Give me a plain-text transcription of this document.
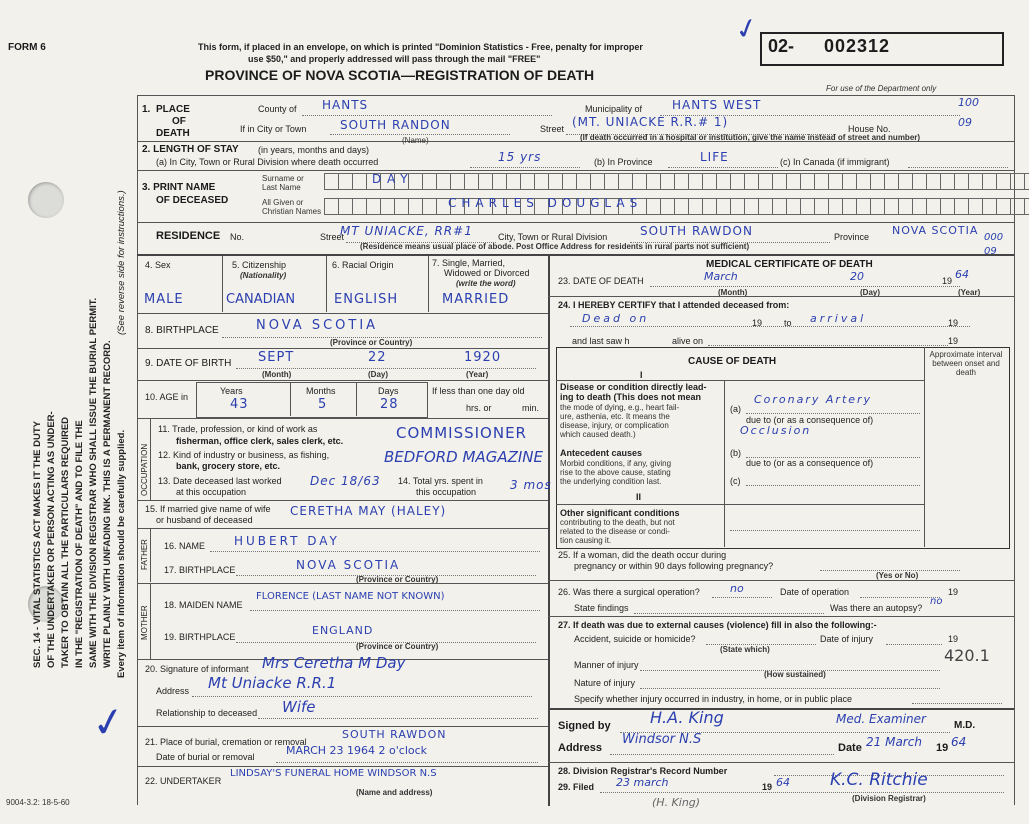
FORM 6
SEC. 14 - VITAL STATISTICS ACT MAKES IT THE DUTY OF THE UNDERTAKER OR PERSON ACTING AS UNDER- TAKER TO OBTAIN ALL THE PARTICULARS REQUIRED IN THE "REGISTRATION OF DEATH" AND TO FILE THE SAME WITH THE DIVISION REGISTRAR WHO SHALL ISSUE THE BURIAL PERMIT. WRITE PLAINLY WITH UNFADING INK. THIS IS A PERMANENT RECORD. Every item of information should be carefully supplied.
(See reverse side for instructions.)
✓
✓
This form, if placed in an envelope, on which is printed "Dominion Statistics - Free, penalty for improper
use $50," and properly addressed will pass through the mail "FREE"
PROVINCE OF NOVA SCOTIA—REGISTRATION OF DEATH
02- 002312
For use of the Department only
1. PLACE
OF
DEATH
County of HANTS	Municipality of HANTS WEST	100
If in City or Town	SOUTH RANDON
(Name)
Street (MT. UNIACKE R.R.# 1)	House No.	09
(If death occurred in a hospital or institution, give the name instead of street and number)
2. LENGTH OF STAY (in years, months and days)
(a) In City, Town or Rural Division where death occurred	15 yrs	(b) In Province	LIFE	(c) In Canada (if immigrant)
3. PRINT NAME
OF DECEASED
Surname or
Last Name
DAY
All Given or
Christian Names
CHARLES DOUGLAS
RESIDENCE No.	Street
MT UNIACKE, RR#1	City, Town or Rural Division	SOUTH RAWDON	Province NOVA SCOTIA
(Residence means usual place of abode. Post Office Address for residents in rural parts not sufficient)
000
09
4. Sex
MALE
5. Citizenship
(Nationality)
CANADIAN
6. Racial Origin
ENGLISH
7. Single, Married,
Widowed or Divorced
(write the word)
MARRIED
8. BIRTHPLACE	NOVA SCOTIA
(Province or Country)
9. DATE OF BIRTH SEPT	22	1920
(Month)	(Day)	(Year)
10. AGE in
Years	Months	Days
43	5	28
If less than one day old
hrs. or	min.
OCCUPATION
11. Trade, profession, or kind of work as
fisherman, office clerk, sales clerk, etc.	COMMISSIONER
12. Kind of industry or business, as fishing,
bank, grocery store, etc.	BEDFORD MAGAZINE
13. Date deceased last worked
at this occupation
Dec 18/63 14. Total yrs. spent in
this occupation	3 mos
15. If married give name of wife
or husband of deceased
CERETHA MAY (HALEY)
FATHER 16. NAME HUBERT DAY
17. BIRTHPLACE	NOVA SCOTIA
(Province or Country)
MOTHER
18. MAIDEN NAME
FLORENCE (LAST NAME NOT KNOWN)
19. BIRTHPLACE	ENGLAND
(Province or Country)
20. Signature of informant Mrs Ceretha M Day
Address Mt Uniacke R.R.1
Relationship to deceased Wife
21. Place of burial, cremation or removal
SOUTH RAWDON
Date of burial or removal	MARCH 23 1964 2 o'clock
22. UNDERTAKER
LINDSAY'S FUNERAL HOME WINDSOR N.S
(Name and address)
9004-3.2: 18-5-60
MEDICAL CERTIFICATE OF DEATH
23. DATE OF DEATH	March	20	19 64
(Month)	(Day)	(Year)
24. I HEREBY CERTIFY that I attended deceased from:
Dead on	19 to arrival	19
and last saw h	alive on	19
CAUSE OF DEATH
Approximate interval between onset and death
I
Disease or condition directly lead-
ing to death (This does not mean
the mode of dying, e.g., heart fail-
ure, asthenia, etc. It means the
disease, injury, or complication
which caused death.)
(a)
Coronary Artery
due to (or as a consequence of)
Occlusion
Antecedent causes
Morbid conditions, if any, giving
rise to the above cause, stating
the underlying condition last.
(b)
due to (or as a consequence of)
(c)
II
Other significant conditions
contributing to the death, but not
related to the disease or condi-
tion causing it.
25. If a woman, did the death occur during
pregnancy or within 90 days following pregnancy?
(Yes or No)
26. Was there a surgical operation?	no	Date of operation	19
State findings	Was there an autopsy?
no
27. If death was due to external causes (violence) fill in also the following:-
Accident, suicide or homicide?	Date of injury	19
(State which)	420.1
Manner of injury
(How sustained)
Nature of injury
Specify whether injury occurred in industry, in home, or in public place
Signed by H.A. King	Med. Examiner	M.D.
Address
Windsor N.S
Date 21 March 19 64
28. Division Registrar's Record Number
29. Filed 23 march	19 64 K.C. Ritchie
(Division Registrar)
(H. King)
